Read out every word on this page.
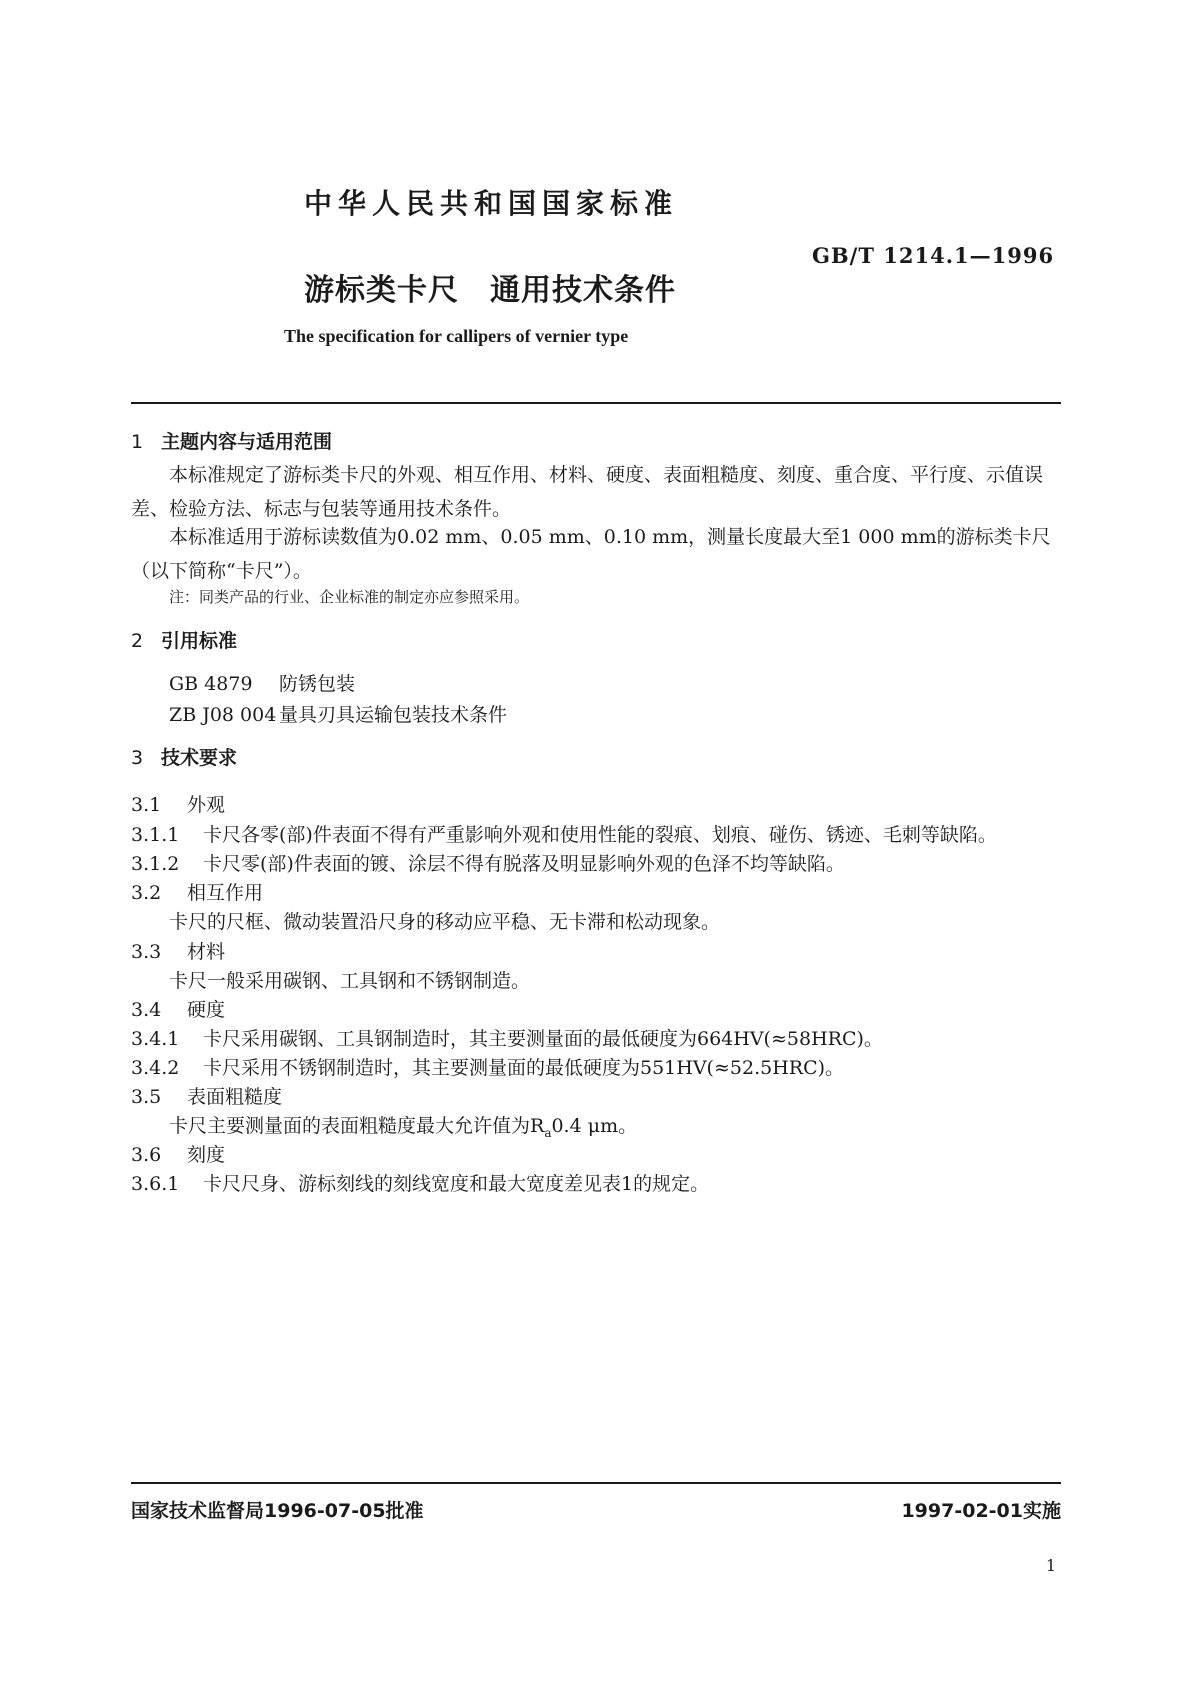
中华人民共和国国家标准
GB/T 1214.1—1996
游标类卡尺　通用技术条件
The specification for callipers of vernier type
1 主题内容与适用范围
本标准规定了游标类卡尺的外观、相互作用、材料、硬度、表面粗糙度、刻度、重合度、平行度、示值误差、检验方法、标志与包装等通用技术条件。
本标准适用于游标读数值为0.02 mm、0.05 mm、0.10 mm，测量长度最大至1 000 mm的游标类卡尺（以下简称“卡尺”）。
注：同类产品的行业、企业标准的制定亦应参照采用。
2 引用标准
GB 4879 防锈包装
ZB J08 004 量具刃具运输包装技术条件
3 技术要求
3.1 外观
3.1.1 卡尺各零(部)件表面不得有严重影响外观和使用性能的裂痕、划痕、碰伤、锈迹、毛刺等缺陷。
3.1.2 卡尺零(部)件表面的镀、涂层不得有脱落及明显影响外观的色泽不均等缺陷。
3.2 相互作用
卡尺的尺框、微动装置沿尺身的移动应平稳、无卡滞和松动现象。
3.3 材料
卡尺一般采用碳钢、工具钢和不锈钢制造。
3.4 硬度
3.4.1 卡尺采用碳钢、工具钢制造时，其主要测量面的最低硬度为664HV(≈58HRC)。
3.4.2 卡尺采用不锈钢制造时，其主要测量面的最低硬度为551HV(≈52.5HRC)。
3.5 表面粗糙度
卡尺主要测量面的表面粗糙度最大允许值为$R_a0.4$ μm。
3.6 刻度
3.6.1 卡尺尺身、游标刻线的刻线宽度和最大宽度差见表1的规定。
国家技术监督局1996-07-05批准	1997-02-01实施
1
